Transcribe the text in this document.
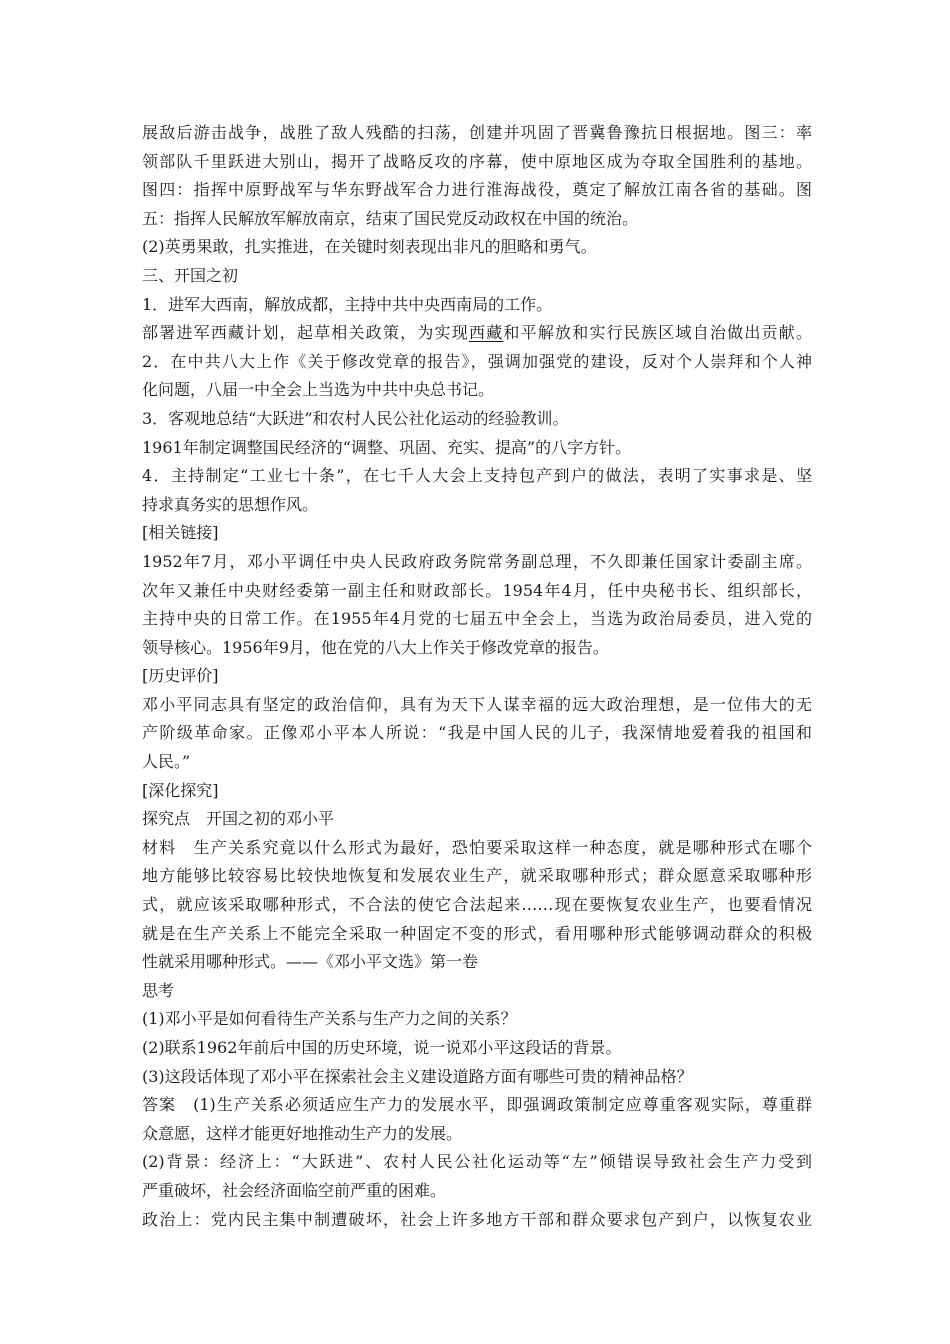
展敌后游击战争，战胜了敌人残酷的扫荡，创建并巩固了晋冀鲁豫抗日根据地。图三：率
领部队千里跃进大别山，揭开了战略反攻的序幕，使中原地区成为夺取全国胜利的基地。
图四：指挥中原野战军与华东野战军合力进行淮海战役，奠定了解放江南各省的基础。图
五：指挥人民解放军解放南京，结束了国民党反动政权在中国的统治。
(2)英勇果敢，扎实推进，在关键时刻表现出非凡的胆略和勇气。
三、开国之初
1．进军大西南，解放成都，主持中共中央西南局的工作。
部署进军西藏计划，起草相关政策，为实现西藏和平解放和实行民族区域自治做出贡献。
2．在中共八大上作《关于修改党章的报告》，强调加强党的建设，反对个人崇拜和个人神
化问题，八届一中全会上当选为中共中央总书记。
3．客观地总结“大跃进”和农村人民公社化运动的经验教训。
1961年制定调整国民经济的“调整、巩固、充实、提高”的八字方针。
4．主持制定“工业七十条”，在七千人大会上支持包产到户的做法，表明了实事求是、坚
持求真务实的思想作风。
[相关链接]
1952年7月，邓小平调任中央人民政府政务院常务副总理，不久即兼任国家计委副主席。
次年又兼任中央财经委第一副主任和财政部长。1954年4月，任中央秘书长、组织部长，
主持中央的日常工作。在1955年4月党的七届五中全会上，当选为政治局委员，进入党的
领导核心。1956年9月，他在党的八大上作关于修改党章的报告。
[历史评价]
邓小平同志具有坚定的政治信仰，具有为天下人谋幸福的远大政治理想，是一位伟大的无
产阶级革命家。正像邓小平本人所说：“我是中国人民的儿子，我深情地爱着我的祖国和
人民。”
[深化探究]
探究点　开国之初的邓小平
材料　生产关系究竟以什么形式为最好，恐怕要采取这样一种态度，就是哪种形式在哪个
地方能够比较容易比较快地恢复和发展农业生产，就采取哪种形式；群众愿意采取哪种形
式，就应该采取哪种形式，不合法的使它合法起来……现在要恢复农业生产，也要看情况
就是在生产关系上不能完全采取一种固定不变的形式，看用哪种形式能够调动群众的积极
性就采用哪种形式。——《邓小平文选》第一卷
思考
(1)邓小平是如何看待生产关系与生产力之间的关系？
(2)联系1962年前后中国的历史环境，说一说邓小平这段话的背景。
(3)这段话体现了邓小平在探索社会主义建设道路方面有哪些可贵的精神品格？
答案　(1)生产关系必须适应生产力的发展水平，即强调政策制定应尊重客观实际，尊重群
众意愿，这样才能更好地推动生产力的发展。
(2)背景：经济上：“大跃进”、农村人民公社化运动等“左”倾错误导致社会生产力受到
严重破坏，社会经济面临空前严重的困难。
政治上：党内民主集中制遭破坏，社会上许多地方干部和群众要求包产到户，以恢复农业
